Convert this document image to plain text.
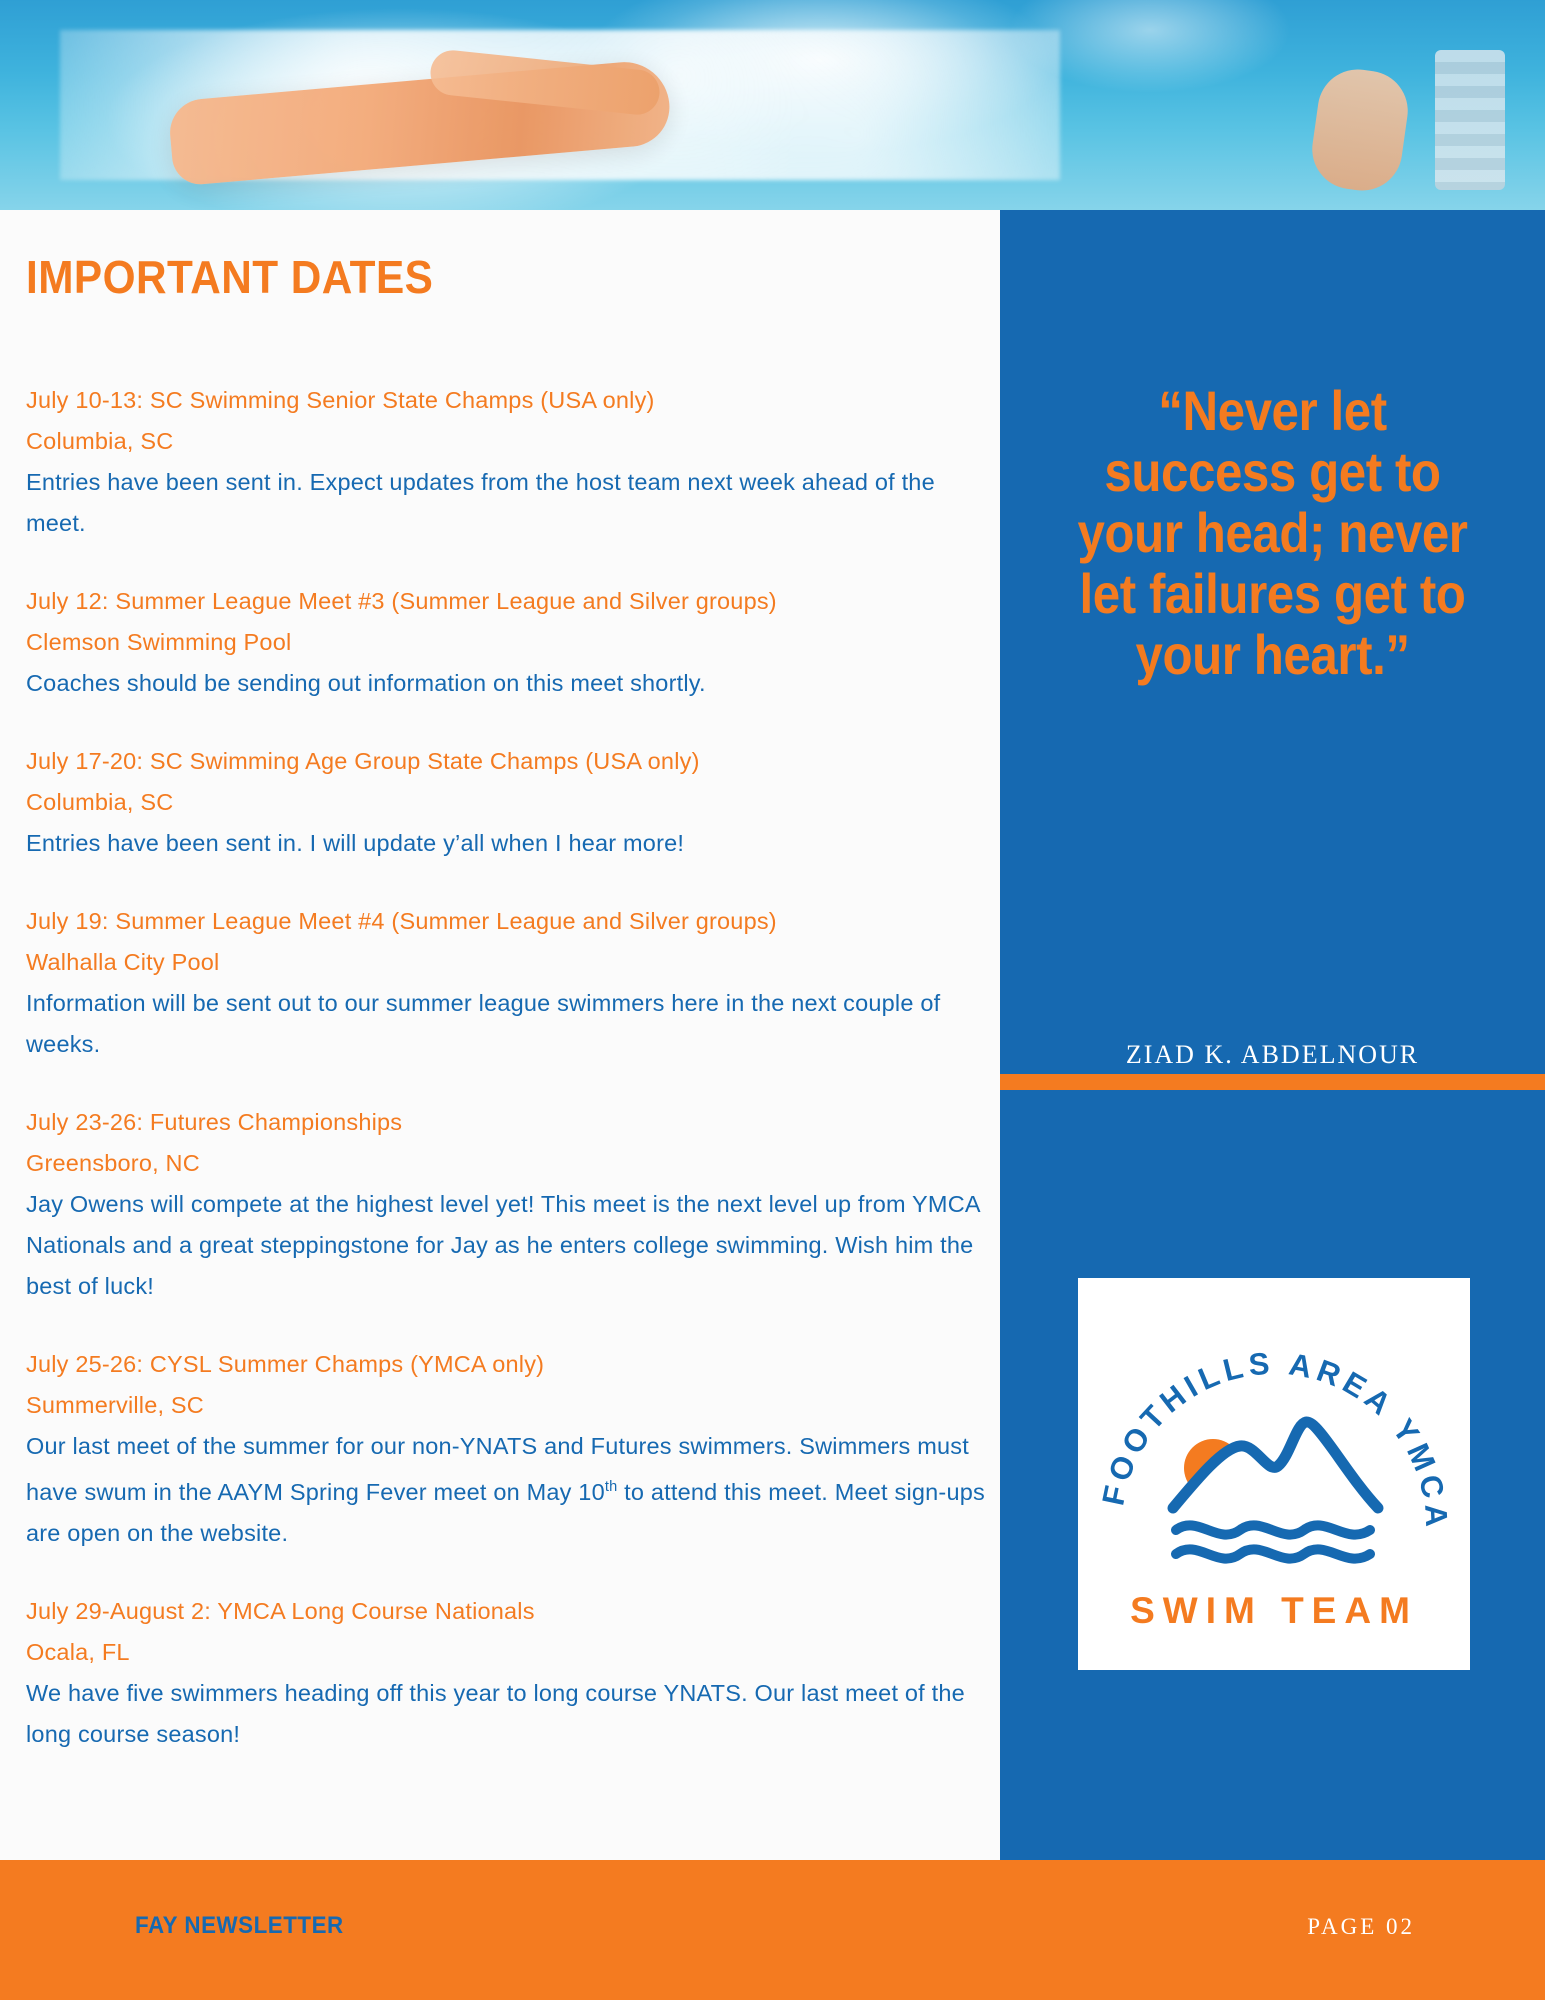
IMPORTANT DATES
July 10-13: SC Swimming Senior State Champs (USA only)
Columbia, SC
Entries have been sent in. Expect updates from the host team next week ahead of the meet.
July 12: Summer League Meet #3 (Summer League and Silver groups)
Clemson Swimming Pool
Coaches should be sending out information on this meet shortly.
July 17-20: SC Swimming Age Group State Champs (USA only)
Columbia, SC
Entries have been sent in. I will update y’all when I hear more!
July 19: Summer League Meet #4 (Summer League and Silver groups)
Walhalla City Pool
Information will be sent out to our summer league swimmers here in the next couple of weeks.
July 23-26: Futures Championships
Greensboro, NC
Jay Owens will compete at the highest level yet! This meet is the next level up from YMCA Nationals and a great steppingstone for Jay as he enters college swimming. Wish him the best of luck!
July 25-26: CYSL Summer Champs (YMCA only)
Summerville, SC
Our last meet of the summer for our non-YNATS and Futures swimmers. Swimmers must have swum in the AAYM Spring Fever meet on May 10th to attend this meet. Meet sign-ups are open on the website.
July 29-August 2: YMCA Long Course Nationals
Ocala, FL
We have five swimmers heading off this year to long course YNATS. Our last meet of the long course season!
“Never let success get to your head; never let failures get to your heart.”
ZIAD K. ABDELNOUR
FOOTHILLS AREA YMCA
SWIM TEAM
FAY NEWSLETTER	PAGE 02
